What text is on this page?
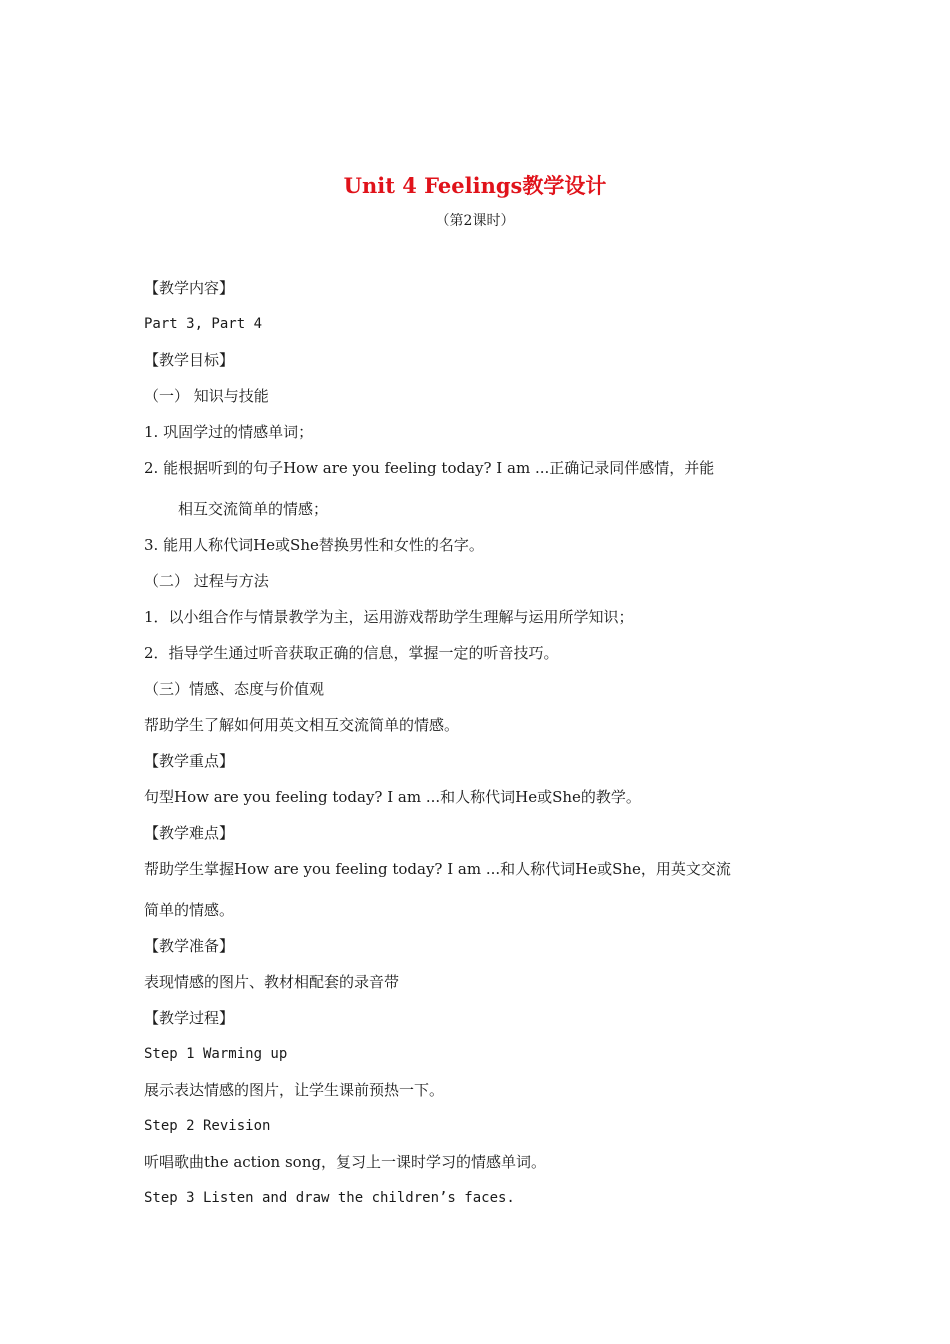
Unit 4 Feelings教学设计
（第2课时）
【教学内容】
Part 3, Part 4
【教学目标】
（一） 知识与技能
1. 巩固学过的情感单词；
2. 能根据听到的句子How are you feeling today? I am ...正确记录同伴感情，并能
相互交流简单的情感；
3. 能用人称代词He或She替换男性和女性的名字。
（二） 过程与方法
1．以小组合作与情景教学为主，运用游戏帮助学生理解与运用所学知识；
2．指导学生通过听音获取正确的信息，掌握一定的听音技巧。
（三）情感、态度与价值观
帮助学生了解如何用英文相互交流简单的情感。
【教学重点】
句型How are you feeling today? I am ...和人称代词He或She的教学。
【教学难点】
帮助学生掌握How are you feeling today? I am ...和人称代词He或She，用英文交流
简单的情感。
【教学准备】
表现情感的图片、教材相配套的录音带
【教学过程】
Step 1 Warming up
展示表达情感的图片，让学生课前预热一下。
Step 2 Revision
听唱歌曲the action song，复习上一课时学习的情感单词。
Step 3 Listen and draw the children’s faces.
